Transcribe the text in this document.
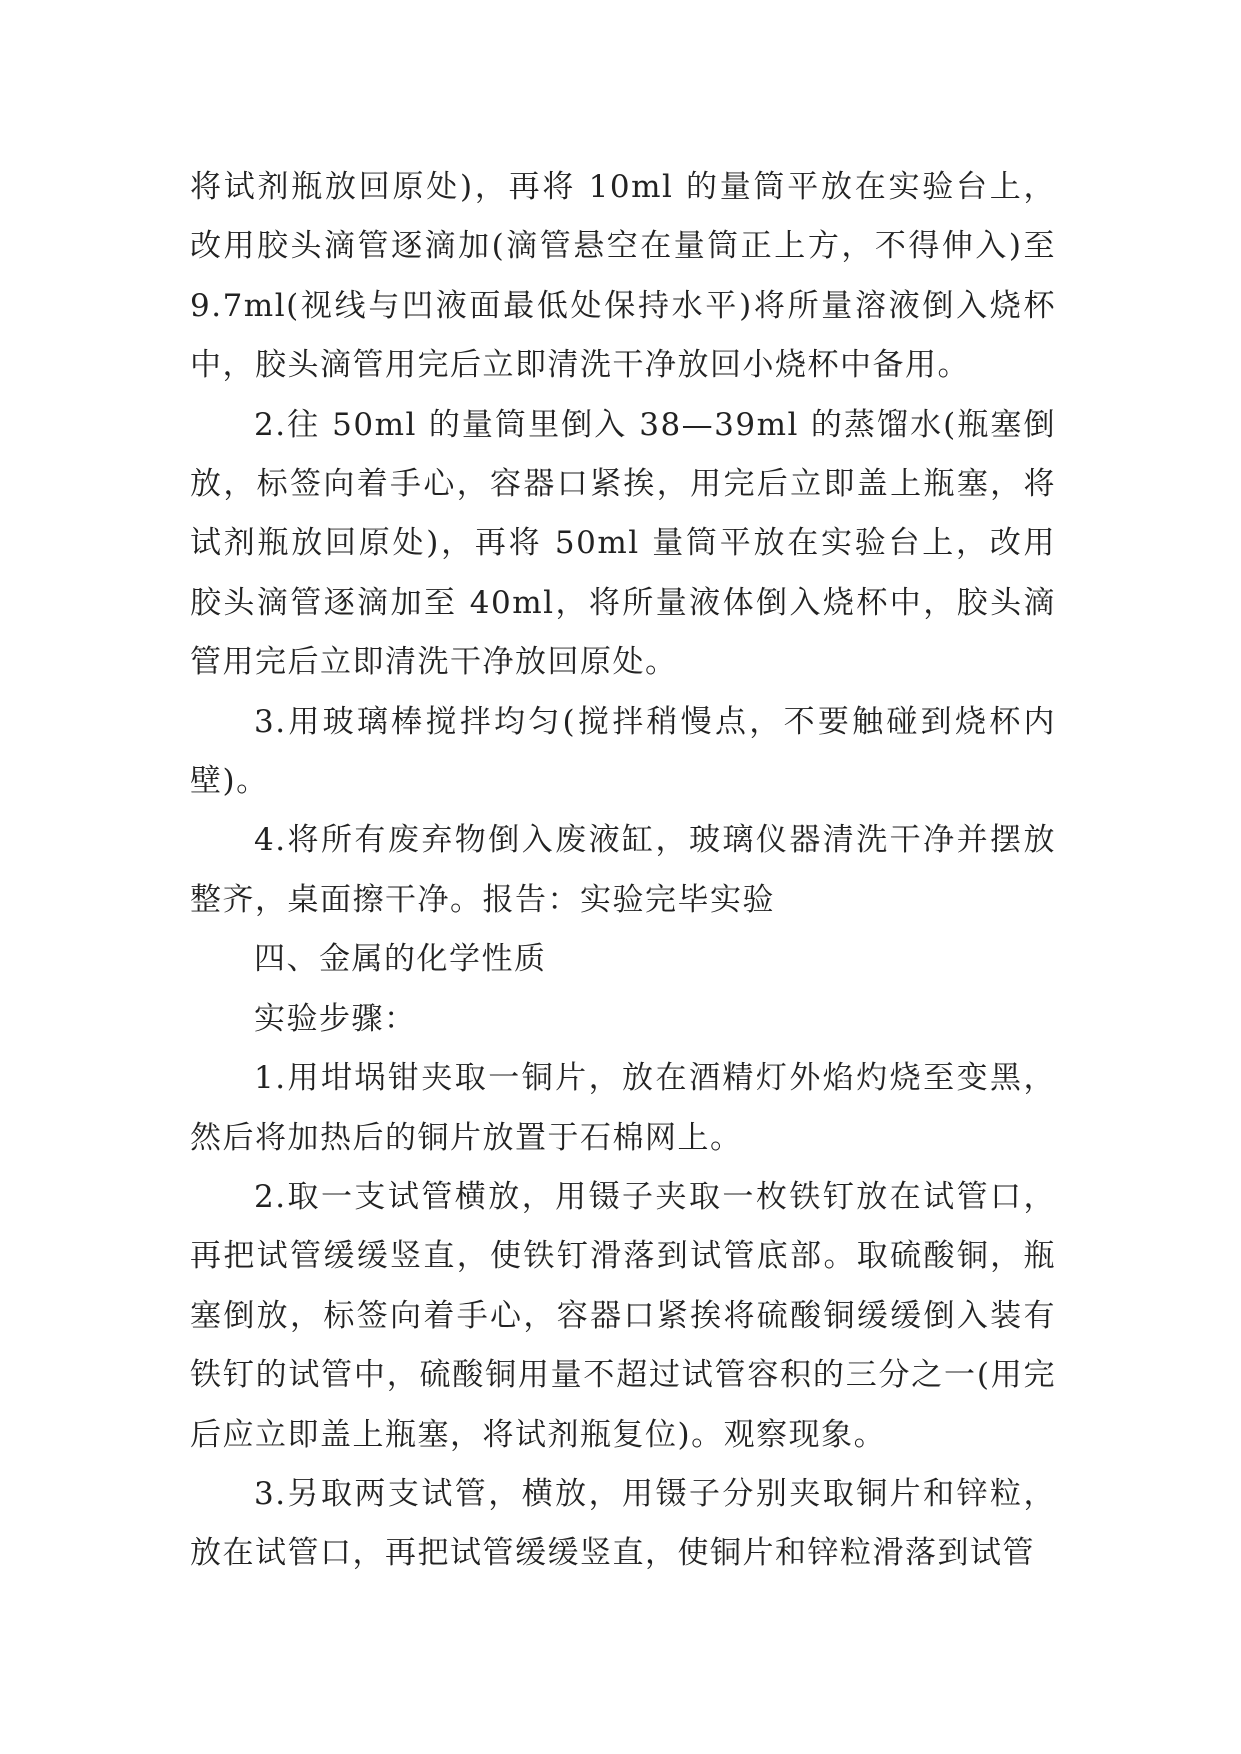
将试剂瓶放回原处)，再将 10ml 的量筒平放在实验台上，改用胶头滴管逐滴加(滴管悬空在量筒正上方，不得伸入)至 9.7ml(视线与凹液面最低处保持水平)将所量溶液倒入烧杯中，胶头滴管用完后立即清洗干净放回小烧杯中备用。

2.往 50ml 的量筒里倒入 38—39ml 的蒸馏水(瓶塞倒放，标签向着手心，容器口紧挨，用完后立即盖上瓶塞，将试剂瓶放回原处)，再将 50ml 量筒平放在实验台上，改用胶头滴管逐滴加至 40ml，将所量液体倒入烧杯中，胶头滴管用完后立即清洗干净放回原处。

3.用玻璃棒搅拌均匀(搅拌稍慢点，不要触碰到烧杯内壁)。

4.将所有废弃物倒入废液缸，玻璃仪器清洗干净并摆放整齐，桌面擦干净。报告：实验完毕实验

四、金属的化学性质

实验步骤：

1.用坩埚钳夹取一铜片，放在酒精灯外焰灼烧至变黑，然后将加热后的铜片放置于石棉网上。

2.取一支试管横放，用镊子夹取一枚铁钉放在试管口，再把试管缓缓竖直，使铁钉滑落到试管底部。取硫酸铜，瓶塞倒放，标签向着手心，容器口紧挨将硫酸铜缓缓倒入装有铁钉的试管中，硫酸铜用量不超过试管容积的三分之一(用完后应立即盖上瓶塞，将试剂瓶复位)。观察现象。

3.另取两支试管，横放，用镊子分别夹取铜片和锌粒，放在试管口，再把试管缓缓竖直，使铜片和锌粒滑落到试管
